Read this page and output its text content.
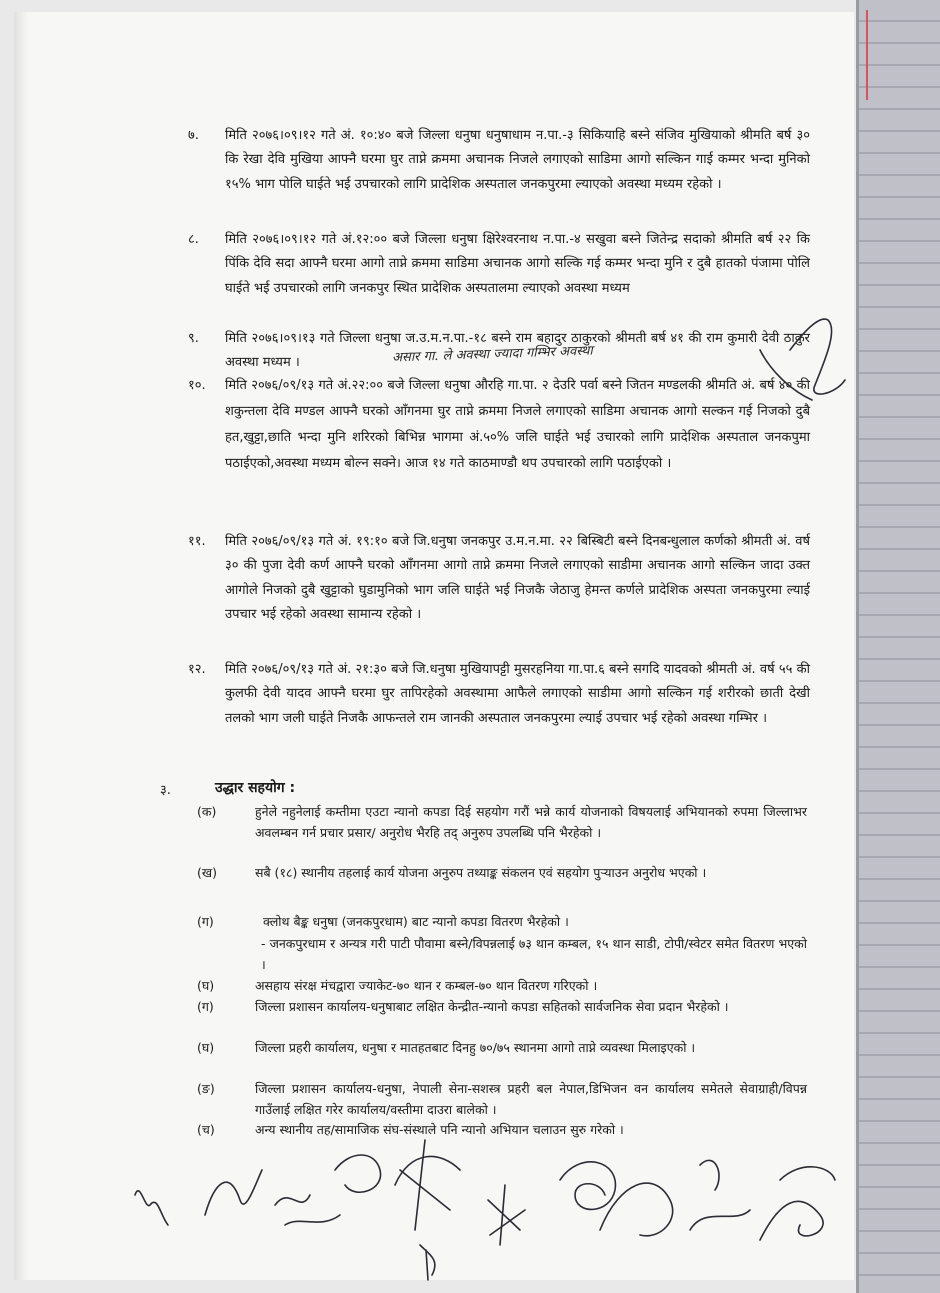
७. मिति २०७६।०९।१२ गते अं. १०:४० बजे जिल्ला धनुषा धनुषाधाम न.पा.-३ सिकियाहि बस्ने संजिव मुखियाको श्रीमति बर्ष ३० कि रेखा देवि मुखिया आफ्नै घरमा घुर ताप्ने क्रममा अचानक निजले लगाएको साडिमा आगो सल्किन गाई कम्मर भन्दा मुनिको १५% भाग पोलि घाईते भई उपचारको लागि प्रादेशिक अस्पताल जनकपुरमा ल्याएको अवस्था मध्यम रहेको ।
८. मिति २०७६।०९।१२ गते अं.१२:०० बजे जिल्ला धनुषा क्षिरेश्वरनाथ न.पा.-४ सखुवा बस्ने जितेन्द्र सदाको श्रीमति बर्ष २२ कि पिंकि देवि सदा आफ्नै घरमा आगो ताप्ने क्रममा साडिमा अचानक आगो सल्कि गई कम्मर भन्दा मुनि र दुबै हातको पंजामा पोलि घाईते भई उपचारको लागि जनकपुर स्थित प्रादेशिक अस्पतालमा ल्याएको अवस्था मध्यम
९. मिति २०७६।०९।१३ गते जिल्ला धनुषा ज.उ.म.न.पा.-१८ बस्ने राम बहादुर ठाकुरको श्रीमती बर्ष ४१ की राम कुमारी देवी ठाकुर अवस्था मध्यम ।
१०. मिति २०७६/०९/१३ गते अं.२२:०० बजे जिल्ला धनुषा औरहि गा.पा. २ देउरि पर्वा बस्ने जितन मण्डलकी श्रीमति अं. बर्ष ४० की शकुन्तला देवि मण्डल आफ्नै घरको आँगनमा घुर ताप्ने क्रममा निजले लगाएको साडिमा अचानक आगो सल्कन गई निजको दुबै हत,खुट्टा,छाति भन्दा मुनि शरिरको बिभिन्न भागमा अं.५०% जलि घाईते भई उचारको लागि प्रादेशिक अस्पताल जनकपुमा पठाईएको,अवस्था मध्यम बोल्न सक्ने। आज १४ गते काठमाण्डौ थप उपचारको लागि पठाईएको ।
११. मिति २०७६/०९/१३ गते अं. १९:१० बजे जि.धनुषा जनकपुर उ.म.न.मा. २२ बिस्बिटी बस्ने दिनबन्धुलाल कर्णको श्रीमती अं. वर्ष ३० की पुजा देवी कर्ण आफ्नै घरको आँगनमा आगो ताप्ने क्रममा निजले लगाएको साडीमा अचानक आगो सल्किन जादा उक्त आगोले निजको दुबै खुट्टाको घुडामुनिको भाग जलि घाईते भई निजकै जेठाजु हेमन्त कर्णले प्रादेशिक अस्पता जनकपुरमा ल्याई उपचार भई रहेको अवस्था सामान्य रहेको ।
१२. मिति २०७६/०९/१३ गते अं. २१:३० बजे जि.धनुषा मुखियापट्टी मुसरहनिया गा.पा.६ बस्ने सगदि यादवको श्रीमती अं. वर्ष ५५ की कुलफी देवी यादव आफ्नै घरमा घुर तापिरहेको अवस्थामा आफैले लगाएको साडीमा आगो सल्किन गई शरीरको छाती देखी तलको भाग जली घाईते निजकै आफन्तले राम जानकी अस्पताल जनकपुरमा ल्याई उपचार भई रहेको अवस्था गम्भिर ।
असार गा. ले अवस्था ज्यादा गम्भिर अवस्था
३.	उद्धार सहयोग :
(क)	हुनेले नहुनेलाई कम्तीमा एउटा न्यानो कपडा दिई सहयोग गरौं भन्ने कार्य योजनाको विषयलाई अभियानको रुपमा जिल्लाभर अवलम्बन गर्न प्रचार प्रसार/ अनुरोध भैरहि तद् अनुरुप उपलब्धि पनि भैरहेको ।
(ख)	सबै (१८) स्थानीय तहलाई कार्य योजना अनुरुप तथ्याङ्क संकलन एवं सहयोग पुऱ्याउन अनुरोध भएको ।
(ग)	क्लोथ बैङ्क धनुषा (जनकपुरधाम) बाट न्यानो कपडा वितरण भैरहेको ।
- जनकपुरधाम र अन्यत्र गरी पाटी पौवामा बस्ने/विपन्नलाई ७३ थान कम्बल, १५ थान साडी, टोपी/स्वेटर समेत वितरण भएको ।
(घ)	असहाय संरक्ष मंचद्वारा ज्याकेट-७० थान र कम्बल-७० थान वितरण गरिएको ।
(ग)	जिल्ला प्रशासन कार्यालय-धनुषाबाट लक्षित केन्द्रीत-न्यानो कपडा सहितको सार्वजनिक सेवा प्रदान भैरहेको ।
(घ)	जिल्ला प्रहरी कार्यालय, धनुषा र मातहतबाट दिनहु ७०/७५ स्थानमा आगो ताप्ने व्यवस्था मिलाइएको ।
(ङ)	जिल्ला प्रशासन कार्यालय-धनुषा, नेपाली सेना-सशस्त्र प्रहरी बल नेपाल,डिभिजन वन कार्यालय समेतले सेवाग्राही/विपन्न गाउँलाई लक्षित गरेर कार्यालय/वस्तीमा दाउरा बालेको ।
(च)	अन्य स्थानीय तह/सामाजिक संघ-संस्थाले पनि न्यानो अभियान चलाउन सुरु गरेको ।
